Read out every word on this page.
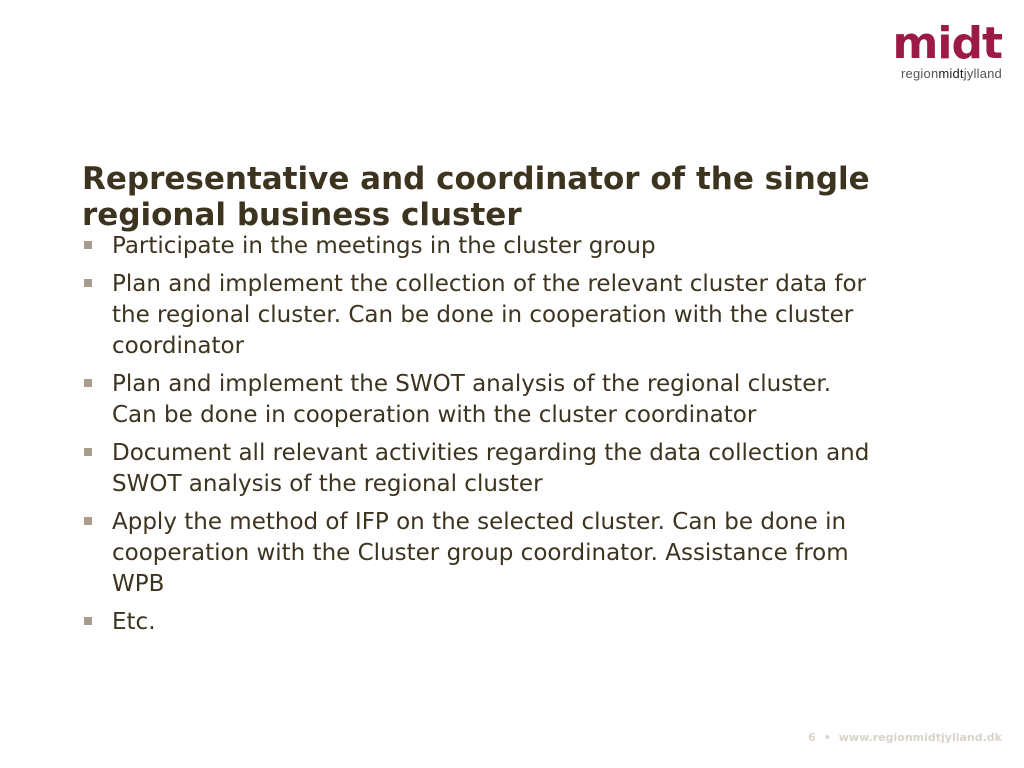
midt
regionmidtjylland
Representative and coordinator of the single regional business cluster
Participate in the meetings in the cluster group
Plan and implement the collection of the relevant cluster data for the regional cluster. Can be done in cooperation with the cluster coordinator
Plan and implement the SWOT analysis of the regional cluster. Can be done in cooperation with the cluster coordinator
Document all relevant activities regarding the data collection and SWOT analysis of the regional cluster
Apply the method of IFP on the selected cluster. Can be done in cooperation with the Cluster group coordinator. Assistance from WPB
Etc.
6 • www.regionmidtjylland.dk
